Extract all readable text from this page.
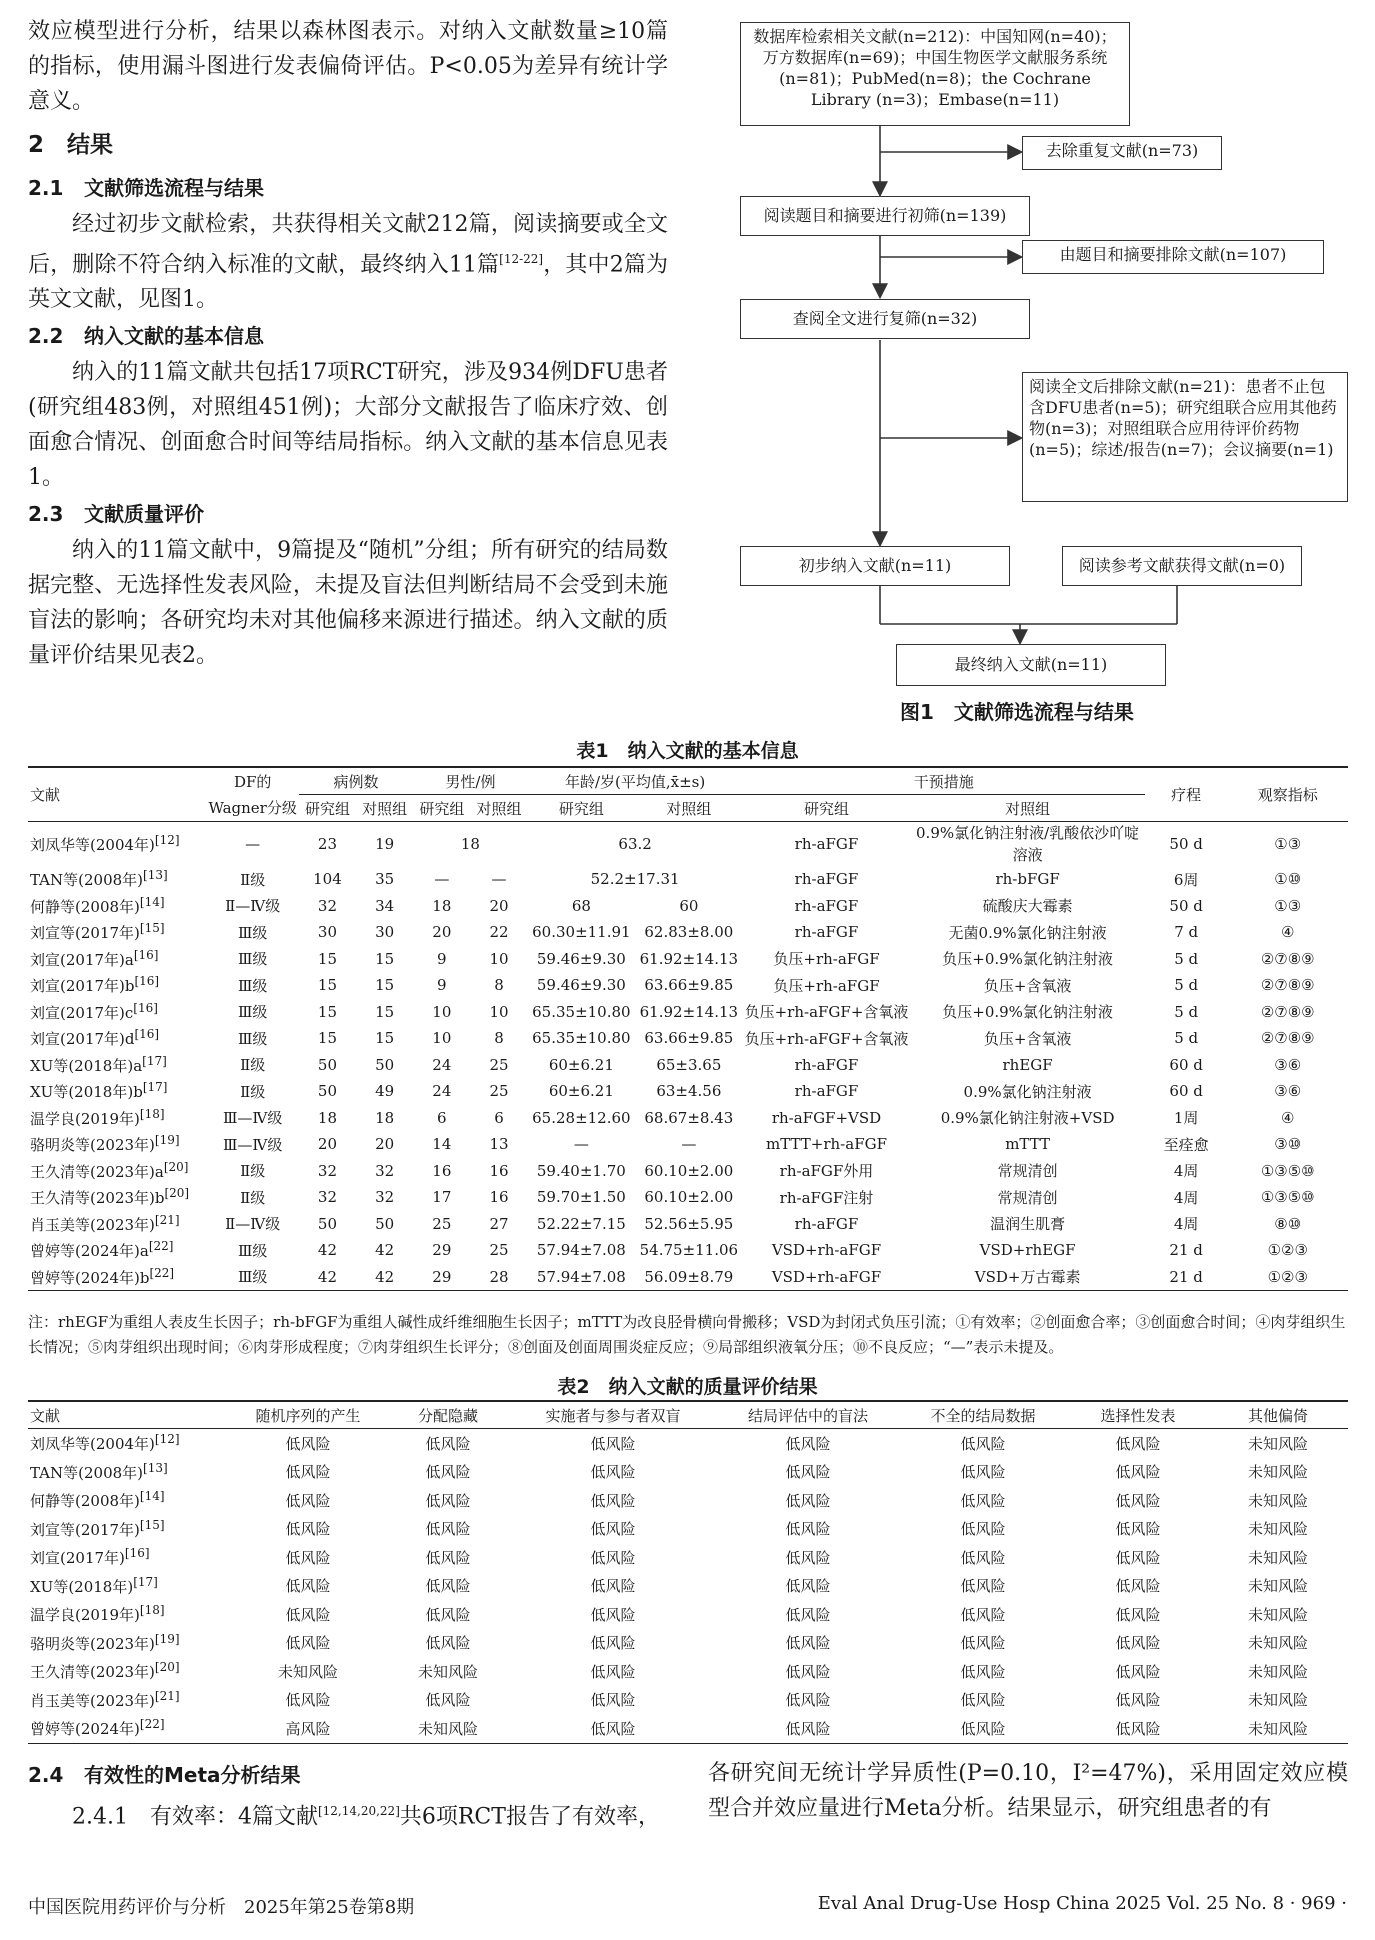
效应模型进行分析，结果以森林图表示。对纳入文献数量≥10篇的指标，使用漏斗图进行发表偏倚评估。P<0.05为差异有统计学意义。

2　结果
2.1 文献筛选流程与结果

经过初步文献检索，共获得相关文献212篇，阅读摘要或全文后，删除不符合纳入标准的文献，最终纳入11篇[12-22]，其中2篇为英文文献，见图1。

2.2 纳入文献的基本信息

纳入的11篇文献共包括17项RCT研究，涉及934例DFU患者(研究组483例，对照组451例)；大部分文献报告了临床疗效、创面愈合情况、创面愈合时间等结局指标。纳入文献的基本信息见表1。

2.3 文献质量评价

纳入的11篇文献中，9篇提及“随机”分组；所有研究的结局数据完整、无选择性发表风险，未提及盲法但判断结局不会受到未施盲法的影响；各研究均未对其他偏移来源进行描述。纳入文献的质量评价结果见表2。

数据库检索相关文献(n=212)：中国知网(n=40)；万方数据库(n=69)；中国生物医学文献服务系统(n=81)；PubMed(n=8)；the Cochrane Library (n=3)；Embase(n=11)
去除重复文献(n=73)
阅读题目和摘要进行初筛(n=139)
由题目和摘要排除文献(n=107)
查阅全文进行复筛(n=32)
阅读全文后排除文献(n=21)：患者不止包含DFU患者(n=5)；研究组联合应用其他药物(n=3)；对照组联合应用待评价药物(n=5)；综述/报告(n=7)；会议摘要(n=1)
初步纳入文献(n=11)	阅读参考文献获得文献(n=0)
最终纳入文献(n=11)
图1　文献筛选流程与结果
表1　纳入文献的基本信息
文献	DF的	病例数		男性/例		年龄/岁(平均值,x̄±s)		干预措施		疗程	观察指标
	Wagner分级	研究组	对照组	研究组	对照组	研究组	对照组	研究组	对照组		
刘凤华等(2004年)[12]	—	23	19	18		63.2		rh-aFGF	0.9%氯化钠注射液/乳酸依沙吖啶溶液	50 d	①③
TAN等(2008年)[13]	Ⅱ级	104	35	—	—	52.2±17.31		rh-aFGF	rh-bFGF	6周	①⑩
何静等(2008年)[14]	Ⅱ—Ⅳ级	32	34	18	20	68	60	rh-aFGF	硫酸庆大霉素	50 d	①③
刘宣等(2017年)[15]	Ⅲ级	30	30	20	22	60.30±11.91	62.83±8.00	rh-aFGF	无菌0.9%氯化钠注射液	7 d	④
刘宣(2017年)a[16]	Ⅲ级	15	15	9	10	59.46±9.30	61.92±14.13	负压+rh-aFGF	负压+0.9%氯化钠注射液	5 d	②⑦⑧⑨
刘宣(2017年)b[16]	Ⅲ级	15	15	9	8	59.46±9.30	63.66±9.85	负压+rh-aFGF	负压+含氧液	5 d	②⑦⑧⑨
刘宣(2017年)c[16]	Ⅲ级	15	15	10	10	65.35±10.80	61.92±14.13	负压+rh-aFGF+含氧液	负压+0.9%氯化钠注射液	5 d	②⑦⑧⑨
刘宣(2017年)d[16]	Ⅲ级	15	15	10	8	65.35±10.80	63.66±9.85	负压+rh-aFGF+含氧液	负压+含氧液	5 d	②⑦⑧⑨
XU等(2018年)a[17]	Ⅱ级	50	50	24	25	60±6.21	65±3.65	rh-aFGF	rhEGF	60 d	③⑥
XU等(2018年)b[17]	Ⅱ级	50	49	24	25	60±6.21	63±4.56	rh-aFGF	0.9%氯化钠注射液	60 d	③⑥
温学良(2019年)[18]	Ⅲ—Ⅳ级	18	18	6	6	65.28±12.60	68.67±8.43	rh-aFGF+VSD	0.9%氯化钠注射液+VSD	1周	④
骆明炎等(2023年)[19]	Ⅲ—Ⅳ级	20	20	14	13	—	—	mTTT+rh-aFGF	mTTT	至痊愈	③⑩
王久清等(2023年)a[20]	Ⅱ级	32	32	16	16	59.40±1.70	60.10±2.00	rh-aFGF外用	常规清创	4周	①③⑤⑩
王久清等(2023年)b[20]	Ⅱ级	32	32	17	16	59.70±1.50	60.10±2.00	rh-aFGF注射	常规清创	4周	①③⑤⑩
肖玉美等(2023年)[21]	Ⅱ—Ⅳ级	50	50	25	27	52.22±7.15	52.56±5.95	rh-aFGF	温润生肌膏	4周	⑧⑩
曾婷等(2024年)a[22]	Ⅲ级	42	42	29	25	57.94±7.08	54.75±11.06	VSD+rh-aFGF	VSD+rhEGF	21 d	①②③
曾婷等(2024年)b[22]	Ⅲ级	42	42	29	28	57.94±7.08	56.09±8.79	VSD+rh-aFGF	VSD+万古霉素	21 d	①②③
注：rhEGF为重组人表皮生长因子；rh-bFGF为重组人碱性成纤维细胞生长因子；mTTT为改良胫骨横向骨搬移；VSD为封闭式负压引流；①有效率；②创面愈合率；③创面愈合时间；④肉芽组织生长情况；⑤肉芽组织出现时间；⑥肉芽形成程度；⑦肉芽组织生长评分；⑧创面及创面周围炎症反应；⑨局部组织液氧分压；⑩不良反应；“—”表示未提及。
表2　纳入文献的质量评价结果
文献	随机序列的产生	分配隐藏	实施者与参与者双盲	结局评估中的盲法	不全的结局数据	选择性发表	其他偏倚
刘凤华等(2004年)[12]	低风险	低风险	低风险	低风险	低风险	低风险	未知风险
TAN等(2008年)[13]	低风险	低风险	低风险	低风险	低风险	低风险	未知风险
何静等(2008年)[14]	低风险	低风险	低风险	低风险	低风险	低风险	未知风险
刘宣等(2017年)[15]	低风险	低风险	低风险	低风险	低风险	低风险	未知风险
刘宣(2017年)[16]	低风险	低风险	低风险	低风险	低风险	低风险	未知风险
XU等(2018年)[17]	低风险	低风险	低风险	低风险	低风险	低风险	未知风险
温学良(2019年)[18]	低风险	低风险	低风险	低风险	低风险	低风险	未知风险
骆明炎等(2023年)[19]	低风险	低风险	低风险	低风险	低风险	低风险	未知风险
王久清等(2023年)[20]	未知风险	未知风险	低风险	低风险	低风险	低风险	未知风险
肖玉美等(2023年)[21]	低风险	低风险	低风险	低风险	低风险	低风险	未知风险
曾婷等(2024年)[22]	高风险	未知风险	低风险	低风险	低风险	低风险	未知风险
2.4 有效性的Meta分析结果

2.4.1　有效率：4篇文献[12,14,20,22]共6项RCT报告了有效率，

各研究间无统计学异质性(P=0.10，I²=47%)，采用固定效应模型合并效应量进行Meta分析。结果显示，研究组患者的有

中国医院用药评价与分析　2025年第25卷第8期	Eval Anal Drug-Use Hosp China 2025 Vol. 25 No. 8 · 969 ·
